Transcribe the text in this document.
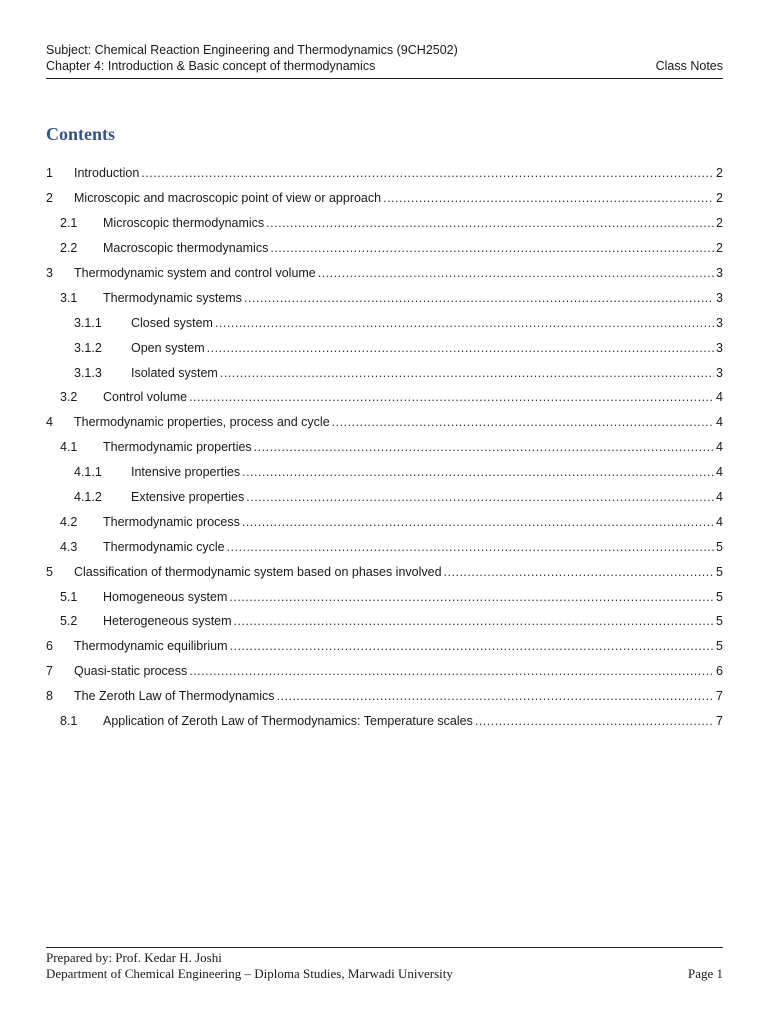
Subject: Chemical Reaction Engineering and Thermodynamics (9CH2502)
Chapter 4: Introduction & Basic concept of thermodynamics	Class Notes
Contents
1	Introduction .....	2
2	Microscopic and macroscopic point of view or approach .....	2
2.1	Microscopic thermodynamics .....	2
2.2	Macroscopic thermodynamics .....	2
3	Thermodynamic system and control volume .....	3
3.1	Thermodynamic systems .....	3
3.1.1	Closed system .....	3
3.1.2	Open system .....	3
3.1.3	Isolated system .....	3
3.2	Control volume .....	4
4	Thermodynamic properties, process and cycle .....	4
4.1	Thermodynamic properties .....	4
4.1.1	Intensive properties .....	4
4.1.2	Extensive properties .....	4
4.2	Thermodynamic process .....	4
4.3	Thermodynamic cycle .....	5
5	Classification of thermodynamic system based on phases involved .....	5
5.1	Homogeneous system .....	5
5.2	Heterogeneous system .....	5
6	Thermodynamic equilibrium .....	5
7	Quasi-static process .....	6
8	The Zeroth Law of Thermodynamics .....	7
8.1	Application of Zeroth Law of Thermodynamics: Temperature scales .....	7
Prepared by: Prof. Kedar H. Joshi
Department of Chemical Engineering – Diploma Studies, Marwadi University	Page 1
